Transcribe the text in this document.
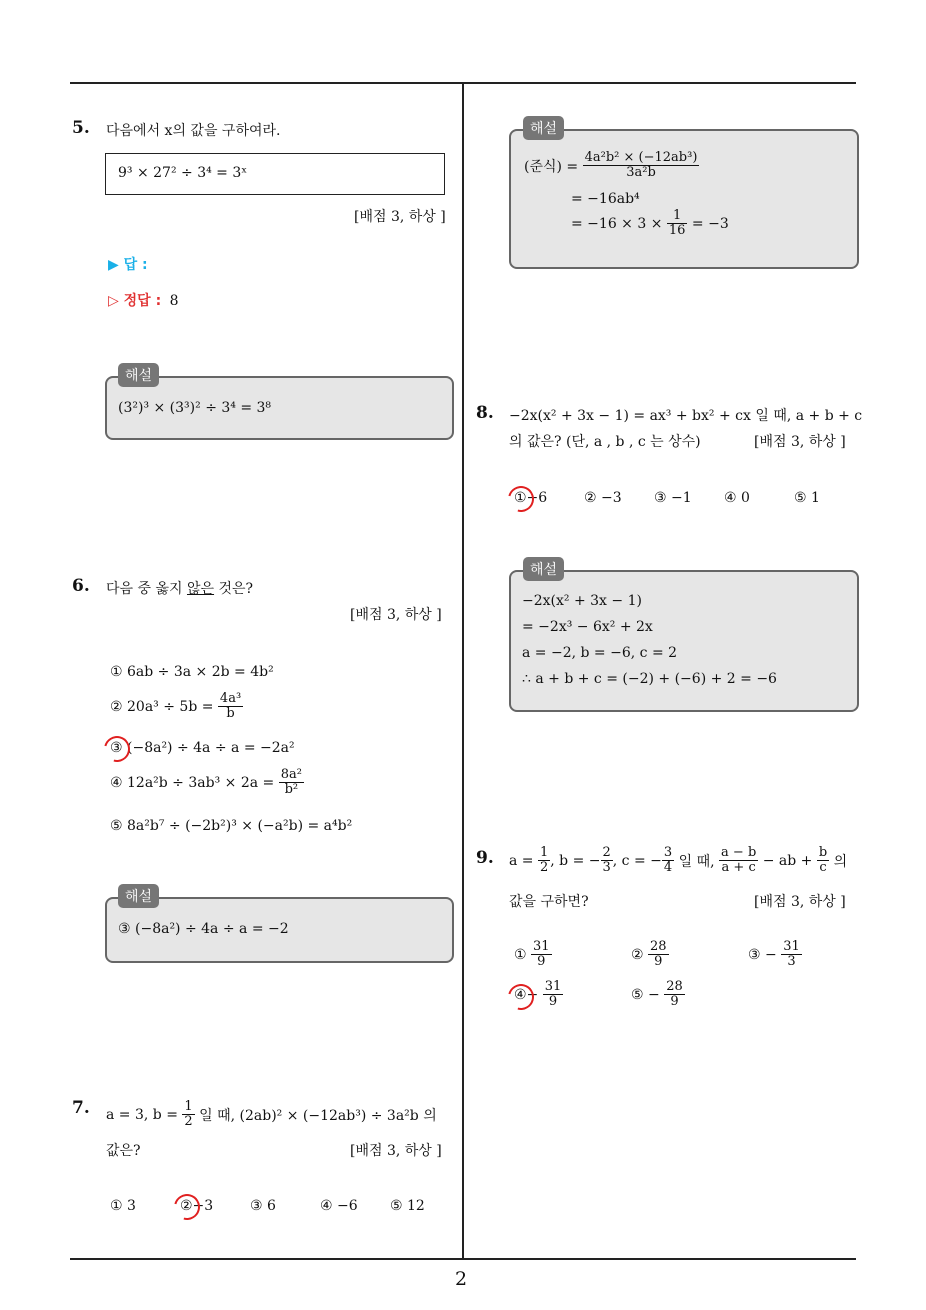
2
5. 다음에서 x의 값을 구하여라.
9³ × 27² ÷ 3⁴ = 3ˣ
[배점 3, 하상 ]
▶ 답 :
▷ 정답 : 8
해설
(3²)³ × (3³)² ÷ 3⁴ = 3⁸
6. 다음 중 옳지 않은 것은?
[배점 3, 하상 ]
① 6ab ÷ 3a × 2b = 4b²
② $20a^3 \div 5b = \frac{\text{4a³}}{b}$
③ (−8a²) ÷ 4a ÷ a = −2a²
④ $12a^2b \div 3ab^3 \times 2a = \frac{\text{8a²}}{\text{b²}}$
⑤ 8a²b⁷ ÷ (−2b²)³ × (−a²b) = a⁴b²
해설
③ (−8a²) ÷ 4a ÷ a = −2
7. a = 3, $b = \frac{1}{2}$ 일 때, (2ab)² × (−12ab³) ÷ 3a²b 의
값은?	[배점 3, 하상 ]
① 3	②−3	③ 6	④ −6 ⑤ 12
해설
(준식) = $\frac{\text{4a²b² × (−12ab³)}}{\text{3a²b}}$
= −16ab⁴
= $-16 \times 3 \times \frac{1}{16} = -3$
8. −2x(x² + 3x − 1) = ax³ + bx² + cx 일 때, a + b + c
의 값은? (단, a , b , c 는 상수)	[배점 3, 하상 ]
①−6	② −3 ③ −1 ④ 0	⑤ 1
해설
−2x(x² + 3x − 1)
= −2x³ − 6x² + 2x
a = −2, b = −6, c = 2
∴ a + b + c = (−2) + (−6) + 2 = −6
9. $a = \frac{1}{2}$ , b = − $\frac{2}{3}$ , c = − $\frac{3}{4}$ 일 때, $\frac{a - b}{a + c}$ − ab + $\frac{b}{c}$ 의
값을 구하면?	[배점 3, 하상 ]
① $\frac{31}{9}$	② $\frac{28}{9}$	③ − $\frac{31}{3}$
④− $\frac{31}{9}$	⑤ − $\frac{28}{9}$
